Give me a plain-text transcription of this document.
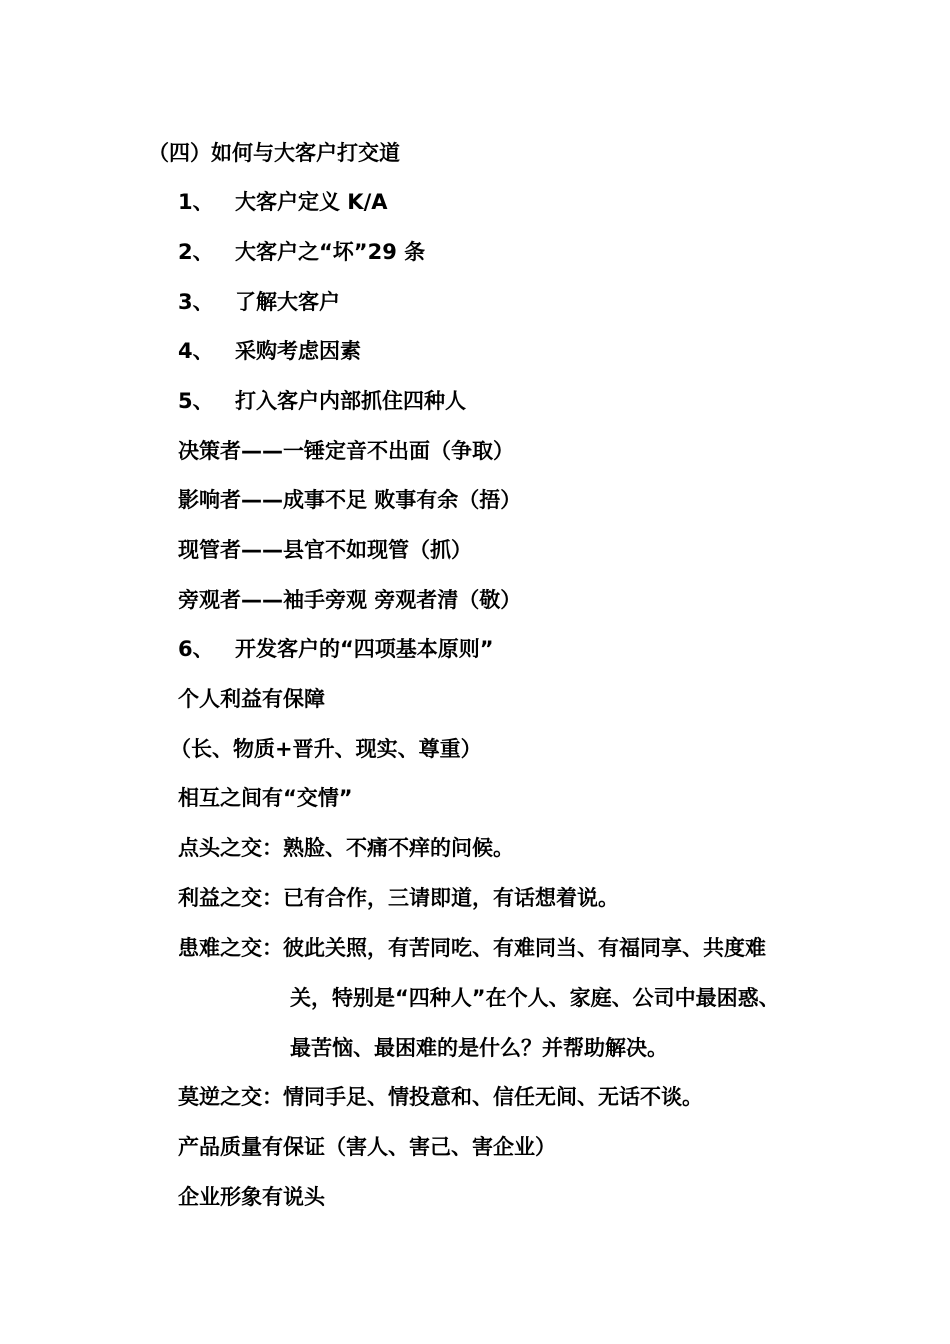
（四）如何与大客户打交道
1、 大客户定义 K/A
2、 大客户之“坏”29 条
3、 了解大客户
4、 采购考虑因素
5、 打入客户内部抓住四种人
决策者——一锤定音不出面（争取）
影响者——成事不足 败事有余（捂）
现管者——县官不如现管（抓）
旁观者——袖手旁观 旁观者清（敬）
6、 开发客户的“四项基本原则”
个人利益有保障
（长、物质+晋升、现实、尊重）
相互之间有“交情”
点头之交：熟脸、不痛不痒的问候。
利益之交：已有合作，三请即道，有话想着说。
患难之交：彼此关照，有苦同吃、有难同当、有福同享、共度难
关，特别是“四种人”在个人、家庭、公司中最困惑、
最苦恼、最困难的是什么？并帮助解决。
莫逆之交：情同手足、情投意和、信任无间、无话不谈。
产品质量有保证（害人、害己、害企业）
企业形象有说头
